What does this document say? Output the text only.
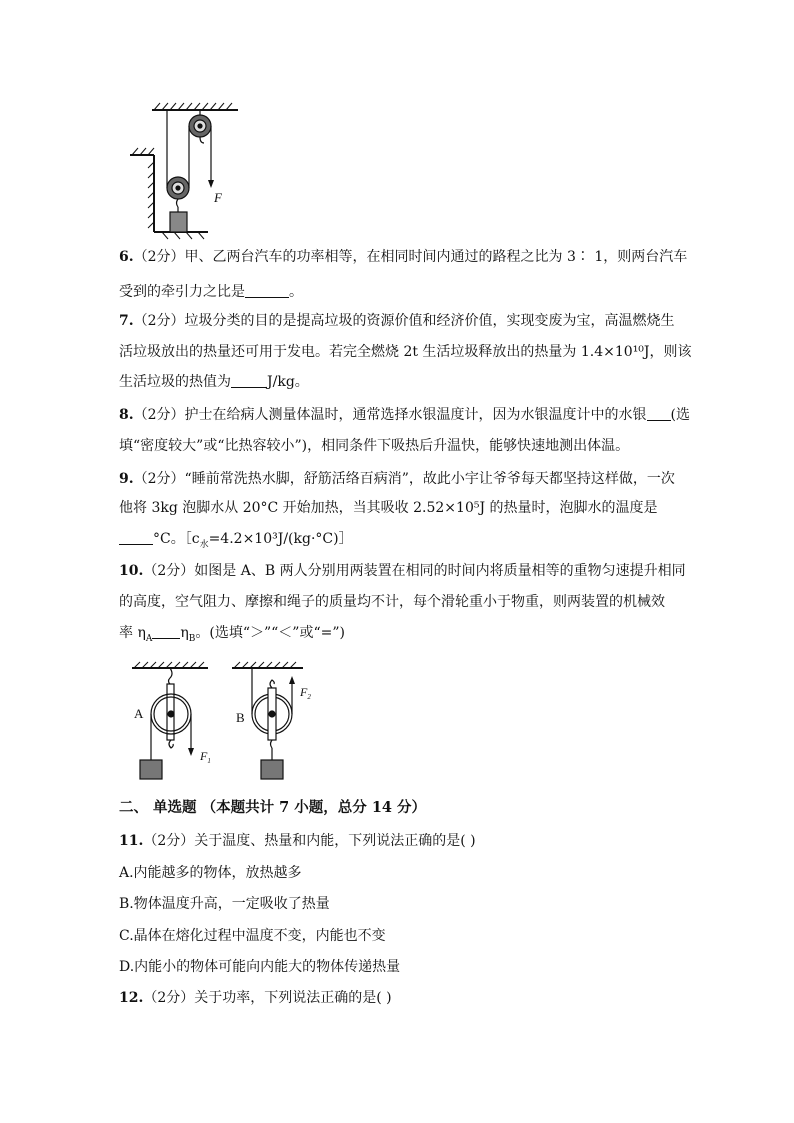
F
6.（2分）甲、乙两台汽车的功率相等，在相同时间内通过的路程之比为 3∶ 1，则两台汽车
受到的牵引力之比是	。
7.（2分）垃圾分类的目的是提高垃圾的资源价值和经济价值，实现变废为宝，高温燃烧生
活垃圾放出的热量还可用于发电。若完全燃烧 2t 生活垃圾释放出的热量为 1.4×10¹⁰J，则该
生活垃圾的热值为	J/kg。
8.（2分）护士在给病人测量体温时，通常选择水银温度计，因为水银温度计中的水银 (选
填“密度较大”或“比热容较小”)，相同条件下吸热后升温快，能够快速地测出体温。
9.（2分）“睡前常洗热水脚，舒筋活络百病消”，故此小宇让爷爷每天都坚持这样做，一次
他将 3kg 泡脚水从 20°C 开始加热，当其吸收 2.52×10⁵J 的热量时，泡脚水的温度是
°C。$[c_水=4.2\times 10^3J/(kg\cdot^\circ C)]$
10.（2分）如图是 A、B 两人分别用两装置在相同的时间内将质量相等的重物匀速提升相同
的高度，空气阻力、摩擦和绳子的质量均不计，每个滑轮重小于物重，则两装置的机械效
率 $\eta_A$ $\eta_B$。(选填“＞”“＜”或“=”)
A	B
$F_1$
$F_2$
二、 单选题 （本题共计 7 小题，总分 14 分）
11.（2分）关于温度、热量和内能，下列说法正确的是( )
A.内能越多的物体，放热越多
B.物体温度升高，一定吸收了热量
C.晶体在熔化过程中温度不变，内能也不变
D.内能小的物体可能向内能大的物体传递热量
12.（2分）关于功率，下列说法正确的是( )
